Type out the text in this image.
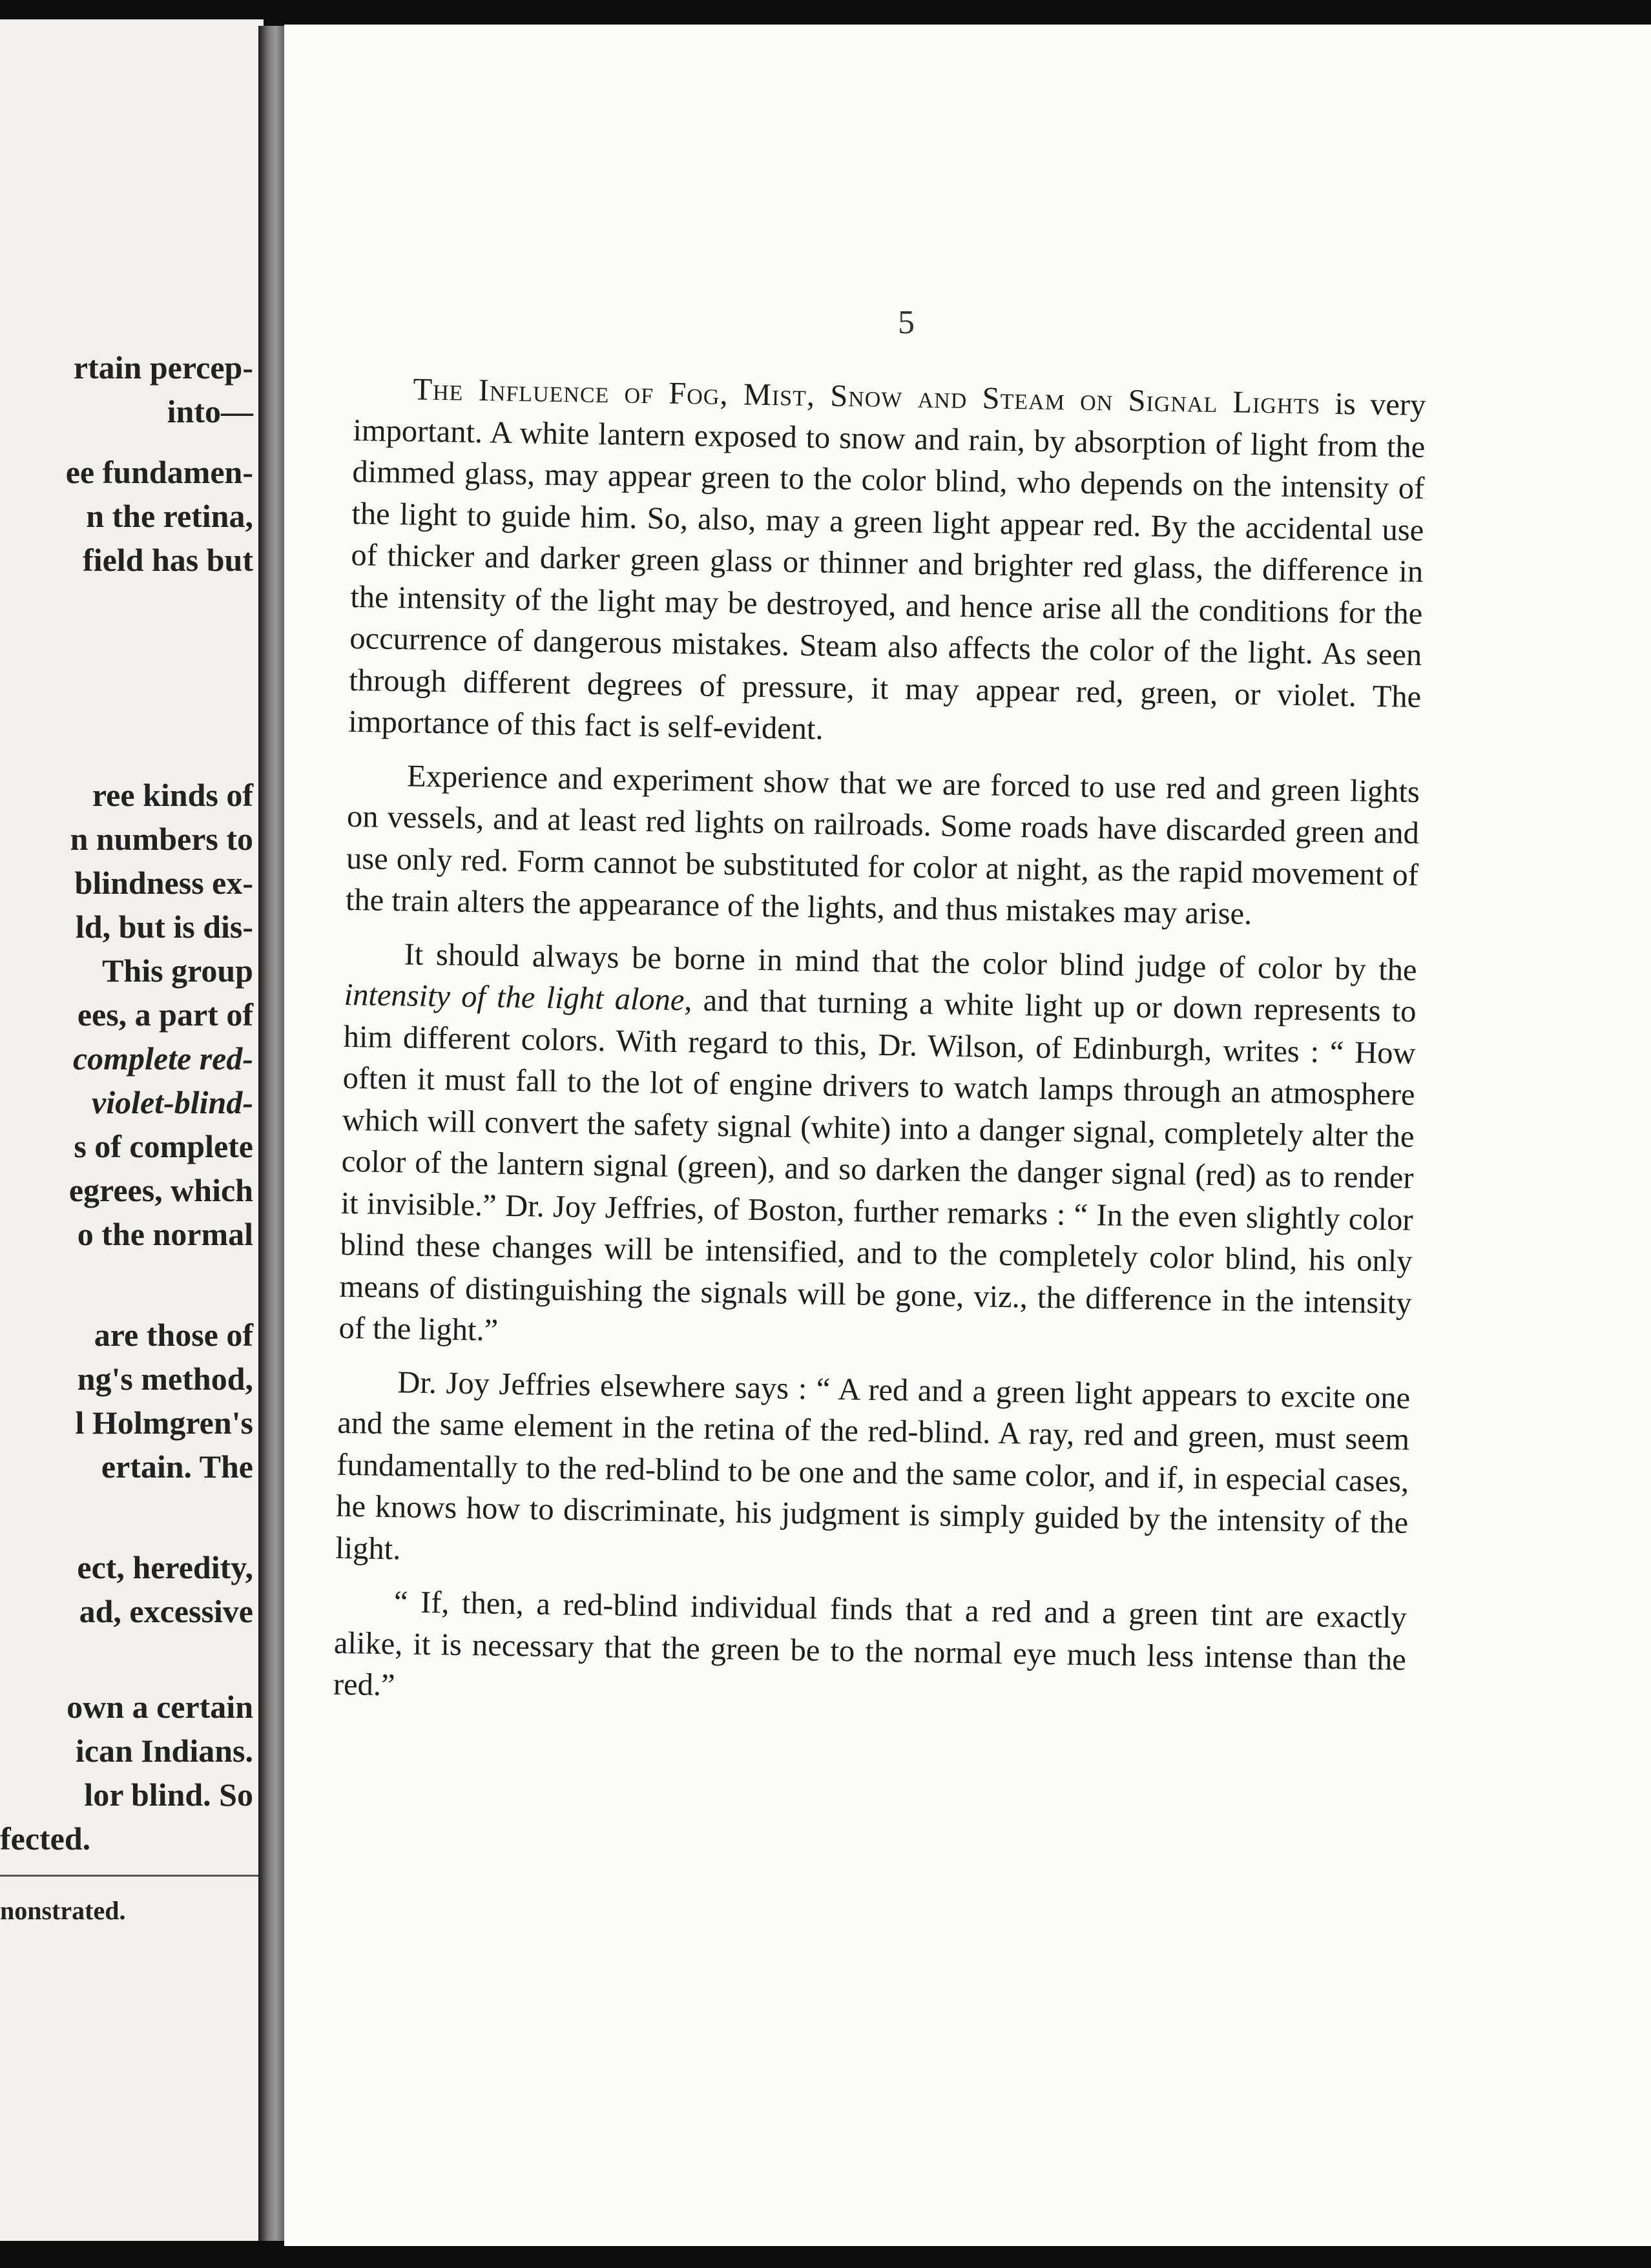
rtain percep-
into—
ee fundamen-
n the retina,
field has but
ree kinds of
n numbers to
blindness ex-
ld, but is dis-
This group
ees, a part of
complete red-
violet-blind-
s of complete
egrees, which
o the normal
are those of
ng's method,
l Holmgren's
ertain. The
ect, heredity,
ad, excessive
own a certain
ican Indians.
lor blind. So
fected.
nonstrated.
5

The Influence of Fog, Mist, Snow and Steam on Signal Lights is very important. A white lantern exposed to snow and rain, by absorption of light from the dimmed glass, may appear green to the color blind, who depends on the intensity of the light to guide him. So, also, may a green light appear red. By the accidental use of thicker and darker green glass or thinner and brighter red glass, the difference in the intensity of the light may be destroyed, and hence arise all the conditions for the occurrence of dangerous mistakes. Steam also affects the color of the light. As seen through different degrees of pressure, it may appear red, green, or violet. The importance of this fact is self-evident.

Experience and experiment show that we are forced to use red and green lights on vessels, and at least red lights on railroads. Some roads have discarded green and use only red. Form cannot be substituted for color at night, as the rapid movement of the train alters the appearance of the lights, and thus mistakes may arise.

It should always be borne in mind that the color blind judge of color by the intensity of the light alone, and that turning a white light up or down represents to him different colors. With regard to this, Dr. Wilson, of Edinburgh, writes : “ How often it must fall to the lot of engine drivers to watch lamps through an atmosphere which will convert the safety signal (white) into a danger signal, completely alter the color of the lantern signal (green), and so darken the danger signal (red) as to render it invisible.” Dr. Joy Jeffries, of Boston, further remarks : “ In the even slightly color blind these changes will be intensified, and to the completely color blind, his only means of distinguishing the signals will be gone, viz., the difference in the intensity of the light.”

Dr. Joy Jeffries elsewhere says : “ A red and a green light appears to excite one and the same element in the retina of the red-blind. A ray, red and green, must seem fundamentally to the red-blind to be one and the same color, and if, in especial cases, he knows how to discriminate, his judgment is simply guided by the intensity of the light.

“ If, then, a red-blind individual finds that a red and a green tint are exactly alike, it is necessary that the green be to the normal eye much less intense than the red.”
